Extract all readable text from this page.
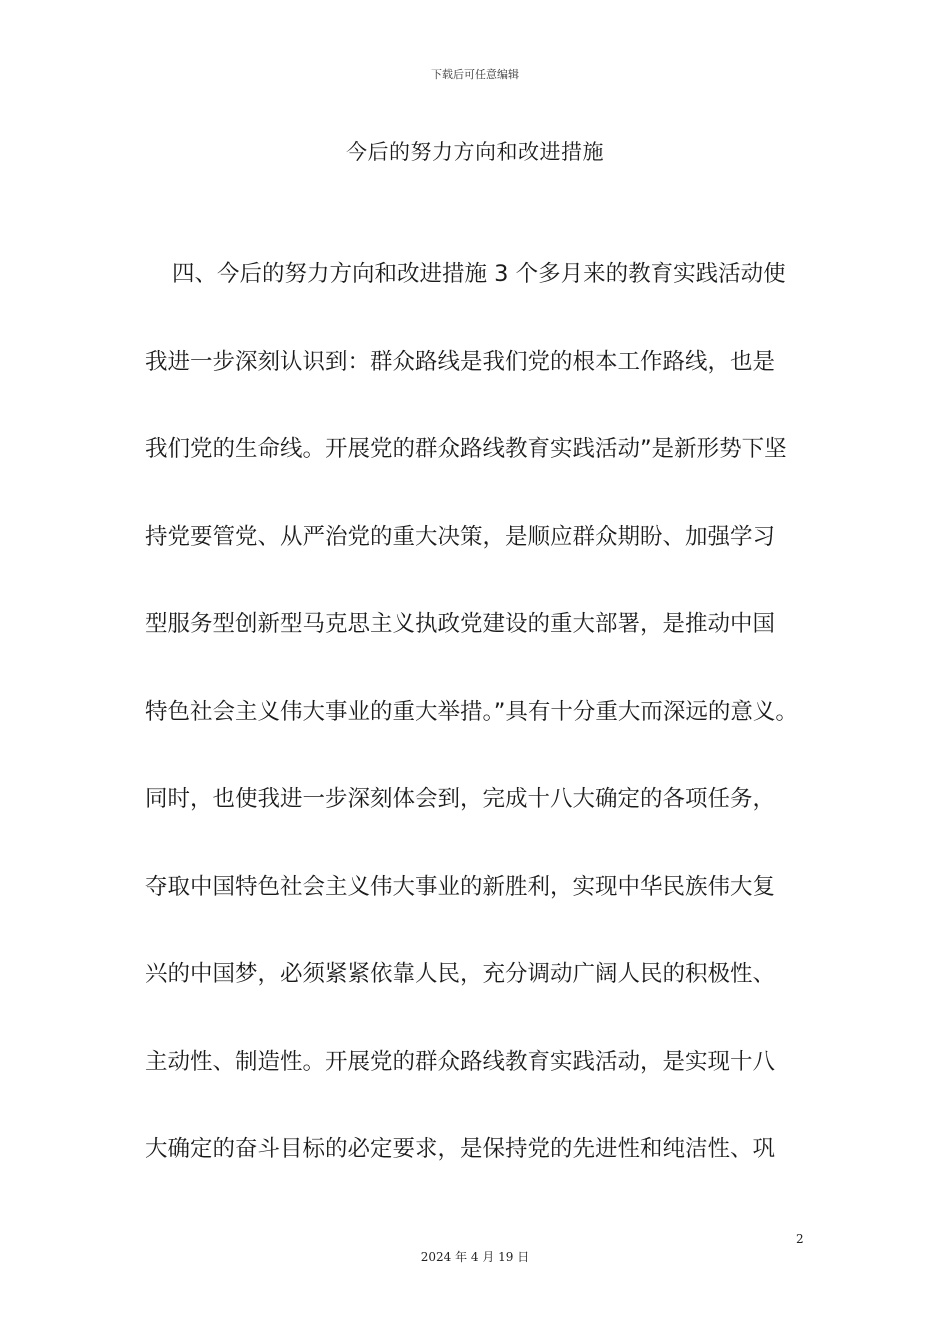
下载后可任意编辑
今后的努力方向和改进措施
四、今后的努力方向和改进措施 3 个多月来的教育实践活动使
我进一步深刻认识到：群众路线是我们党的根本工作路线，也是
我们党的生命线。开展党的群众路线教育实践活动”是新形势下坚
持党要管党、从严治党的重大决策，是顺应群众期盼、加强学习
型服务型创新型马克思主义执政党建设的重大部署，是推动中国
特色社会主义伟大事业的重大举措。”具有十分重大而深远的意义。
同时，也使我进一步深刻体会到，完成十八大确定的各项任务，
夺取中国特色社会主义伟大事业的新胜利，实现中华民族伟大复
兴的中国梦，必须紧紧依靠人民，充分调动广阔人民的积极性、
主动性、制造性。开展党的群众路线教育实践活动，是实现十八
大确定的奋斗目标的必定要求，是保持党的先进性和纯洁性、巩
2
2024 年 4 月 19 日
